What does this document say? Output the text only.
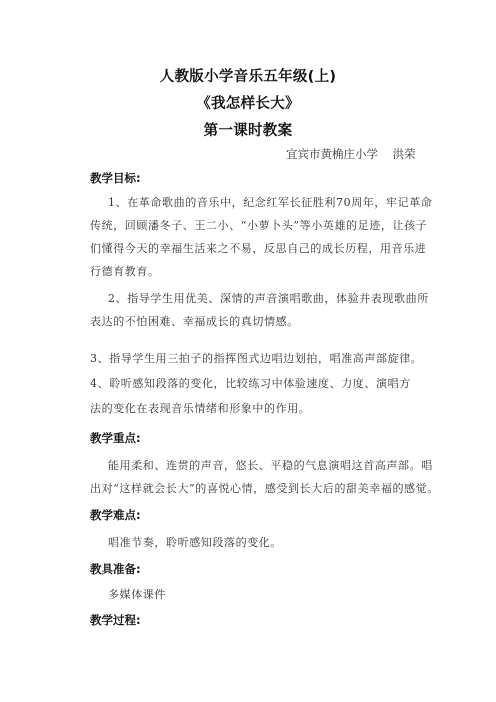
人教版小学音乐五年级(上)
《我怎样长大》
第一课时教案
宜宾市黄桷庄小学    洪荣
教学目标:
1、在革命歌曲的音乐中，纪念红军长征胜利70周年，牢记革命
传统，回顾潘冬子、王二小、“小萝卜头”等小英雄的足迹，让孩子
们懂得今天的幸福生活来之不易，反思自己的成长历程，用音乐进
行德育教育。
2、指导学生用优美、深情的声音演唱歌曲，体验并表现歌曲所
表达的不怕困难、幸福成长的真切情感。
3、指导学生用三拍子的指挥图式边唱边划拍，唱准高声部旋律。
4、聆听感知段落的变化，比较练习中体验速度、力度、演唱方
法的变化在表现音乐情绪和形象中的作用。
教学重点:
能用柔和、连贯的声音，悠长、平稳的气息演唱这首高声部。唱
出对“这样就会长大”的喜悦心情，感受到长大后的甜美幸福的感觉。
教学难点:
唱准节奏，聆听感知段落的变化。
教具准备:
多媒体课件
教学过程:
